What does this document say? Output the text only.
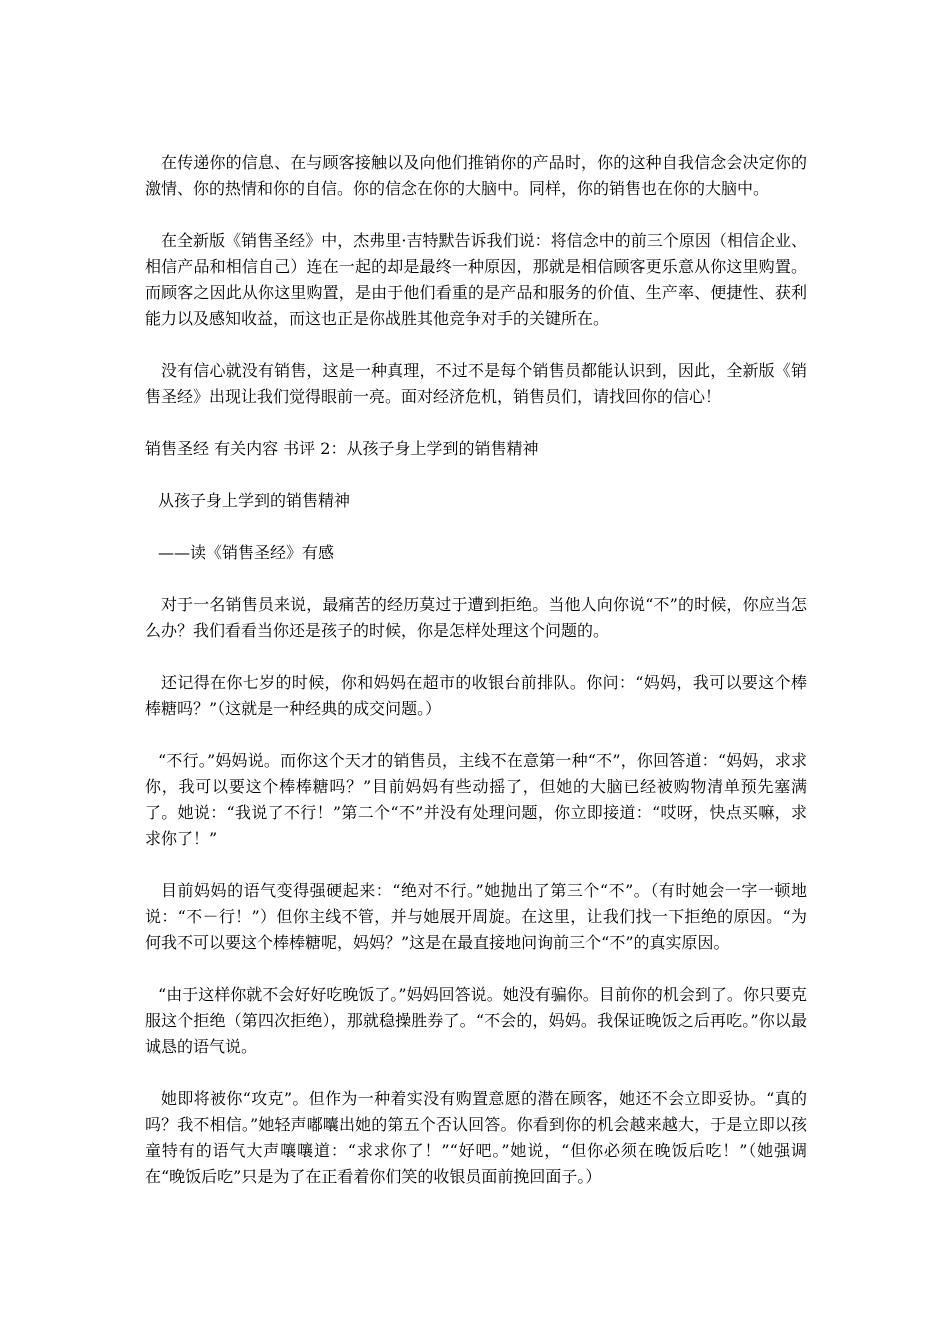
在传递你的信息、在与顾客接触以及向他们推销你的产品时，你的这种自我信念会决定你的激情、你的热情和你的自信。你的信念在你的大脑中。同样，你的销售也在你的大脑中。

在全新版《销售圣经》中，杰弗里·吉特默告诉我们说：将信念中的前三个原因（相信企业、相信产品和相信自己）连在一起的却是最终一种原因，那就是相信顾客更乐意从你这里购置。而顾客之因此从你这里购置，是由于他们看重的是产品和服务的价值、生产率、便捷性、获利能力以及感知收益，而这也正是你战胜其他竞争对手的关键所在。

没有信心就没有销售，这是一种真理，不过不是每个销售员都能认识到，因此，全新版《销售圣经》出现让我们觉得眼前一亮。面对经济危机，销售员们，请找回你的信心！

销售圣经 有关内容 书评 2：从孩子身上学到的销售精神

从孩子身上学到的销售精神

——读《销售圣经》有感

对于一名销售员来说，最痛苦的经历莫过于遭到拒绝。当他人向你说“不”的时候，你应当怎么办？我们看看当你还是孩子的时候，你是怎样处理这个问题的。

还记得在你七岁的时候，你和妈妈在超市的收银台前排队。你问：“妈妈，我可以要这个棒棒糖吗？”（这就是一种经典的成交问题。）

“不行。”妈妈说。而你这个天才的销售员，主线不在意第一种“不”，你回答道：“妈妈，求求你，我可以要这个棒棒糖吗？”目前妈妈有些动摇了，但她的大脑已经被购物清单预先塞满了。她说：“我说了不行！”第二个“不”并没有处理问题，你立即接道：“哎呀，快点买嘛，求求你了！”

目前妈妈的语气变得强硬起来：“绝对不行。”她抛出了第三个“不”。（有时她会一字一顿地说：“不－行！”）但你主线不管，并与她展开周旋。在这里，让我们找一下拒绝的原因。“为何我不可以要这个棒棒糖呢，妈妈？”这是在最直接地问询前三个“不”的真实原因。

“由于这样你就不会好好吃晚饭了。”妈妈回答说。她没有骗你。目前你的机会到了。你只要克服这个拒绝（第四次拒绝），那就稳操胜券了。“不会的，妈妈。我保证晚饭之后再吃。”你以最诚恳的语气说。

她即将被你“攻克”。但作为一种着实没有购置意愿的潜在顾客，她还不会立即妥协。“真的吗？我不相信。”她轻声嘟囔出她的第五个否认回答。你看到你的机会越来越大，于是立即以孩童特有的语气大声嚷嚷道：“求求你了！”“好吧。”她说，“但你必须在晚饭后吃！”（她强调在“晚饭后吃”只是为了在正看着你们笑的收银员面前挽回面子。）
